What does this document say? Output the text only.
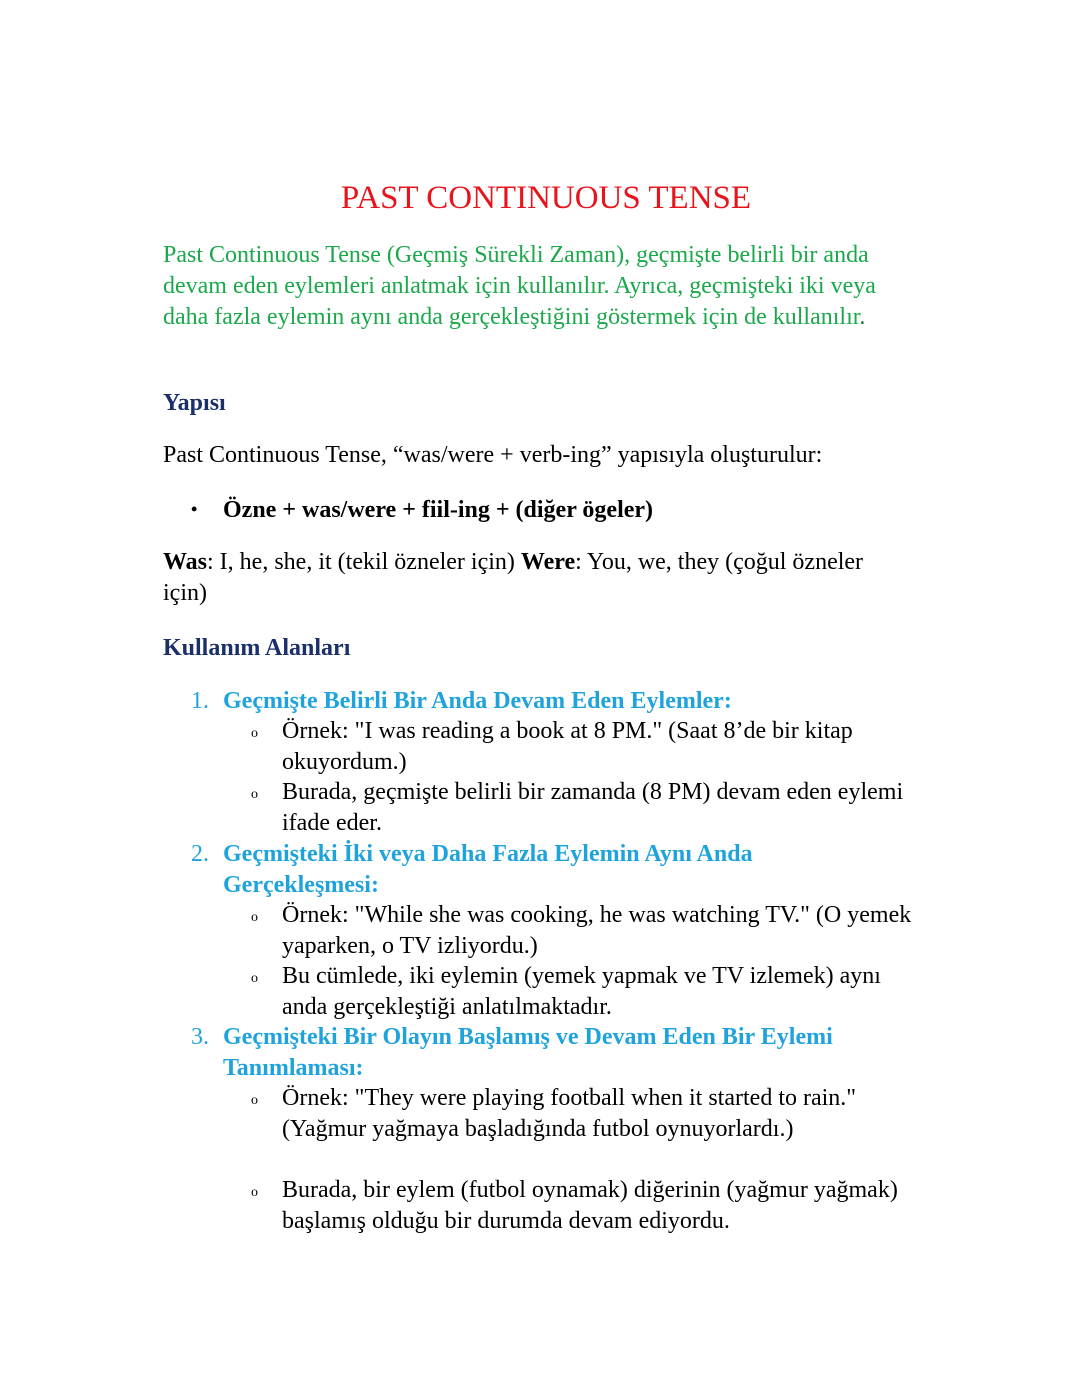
PAST CONTINUOUS TENSE
Past Continuous Tense (Geçmiş Sürekli Zaman), geçmişte belirli bir anda devam eden eylemleri anlatmak için kullanılır. Ayrıca, geçmişteki iki veya daha fazla eylemin aynı anda gerçekleştiğini göstermek için de kullanılır.
Yapısı
Past Continuous Tense, “was/were + verb-ing” yapısıyla oluşturulur:
• Özne + was/were + fiil-ing + (diğer ögeler)
Was: I, he, she, it (tekil özneler için) Were: You, we, they (çoğul özneler için)
Kullanım Alanları
1. Geçmişte Belirli Bir Anda Devam Eden Eylemler:
o Örnek: "I was reading a book at 8 PM." (Saat 8’de bir kitap okuyordum.)
o Burada, geçmişte belirli bir zamanda (8 PM) devam eden eylemi ifade eder.
2. Geçmişteki İki veya Daha Fazla Eylemin Aynı Anda Gerçekleşmesi:
o Örnek: "While she was cooking, he was watching TV." (O yemek yaparken, o TV izliyordu.)
o Bu cümlede, iki eylemin (yemek yapmak ve TV izlemek) aynı anda gerçekleştiği anlatılmaktadır.
3. Geçmişteki Bir Olayın Başlamış ve Devam Eden Bir Eylemi Tanımlaması:
o Örnek: "They were playing football when it started to rain." (Yağmur yağmaya başladığında futbol oynuyorlardı.)
o Burada, bir eylem (futbol oynamak) diğerinin (yağmur yağmak) başlamış olduğu bir durumda devam ediyordu.
